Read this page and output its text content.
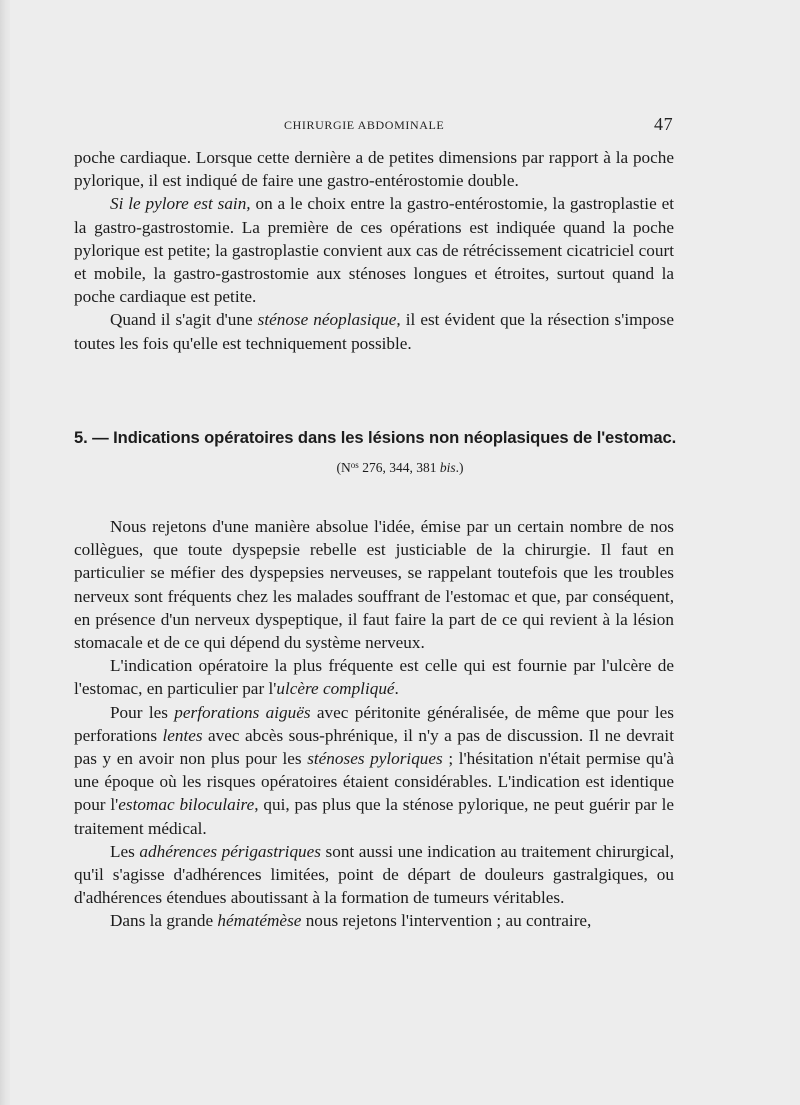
CHIRURGIE ABDOMINALE	47

poche cardiaque. Lorsque cette dernière a de petites dimensions par rapport à la poche pylorique, il est indiqué de faire une gastro-entérostomie double.

Si le pylore est sain, on a le choix entre la gastro-entérostomie, la gastroplastie et la gastro-gastrostomie. La première de ces opérations est indiquée quand la poche pylorique est petite; la gastroplastie convient aux cas de rétrécissement cicatriciel court et mobile, la gastro-gastrostomie aux sténoses longues et étroites, surtout quand la poche cardiaque est petite.

Quand il s'agit d'une sténose néoplasique, il est évident que la résection s'impose toutes les fois qu'elle est techniquement possible.

5. — Indications opératoires dans les lésions non néoplasiques de l'estomac.
($N^{os}$ 276, 344, 381 bis.)

Nous rejetons d'une manière absolue l'idée, émise par un certain nombre de nos collègues, que toute dyspepsie rebelle est justiciable de la chirurgie. Il faut en particulier se méfier des dyspepsies nerveuses, se rappelant toutefois que les troubles nerveux sont fréquents chez les malades souffrant de l'estomac et que, par conséquent, en présence d'un nerveux dyspeptique, il faut faire la part de ce qui revient à la lésion stomacale et de ce qui dépend du système nerveux.

L'indication opératoire la plus fréquente est celle qui est fournie par l'ulcère de l'estomac, en particulier par l'ulcère compliqué.

Pour les perforations aiguës avec péritonite généralisée, de même que pour les perforations lentes avec abcès sous-phrénique, il n'y a pas de discussion. Il ne devrait pas y en avoir non plus pour les sténoses pyloriques ; l'hésitation n'était permise qu'à une époque où les risques opératoires étaient considérables. L'indication est identique pour l'estomac biloculaire, qui, pas plus que la sténose pylorique, ne peut guérir par le traitement médical.

Les adhérences périgastriques sont aussi une indication au traitement chirurgical, qu'il s'agisse d'adhérences limitées, point de départ de douleurs gastralgiques, ou d'adhérences étendues aboutissant à la formation de tumeurs véritables.

Dans la grande hématémèse nous rejetons l'intervention ; au contraire,
